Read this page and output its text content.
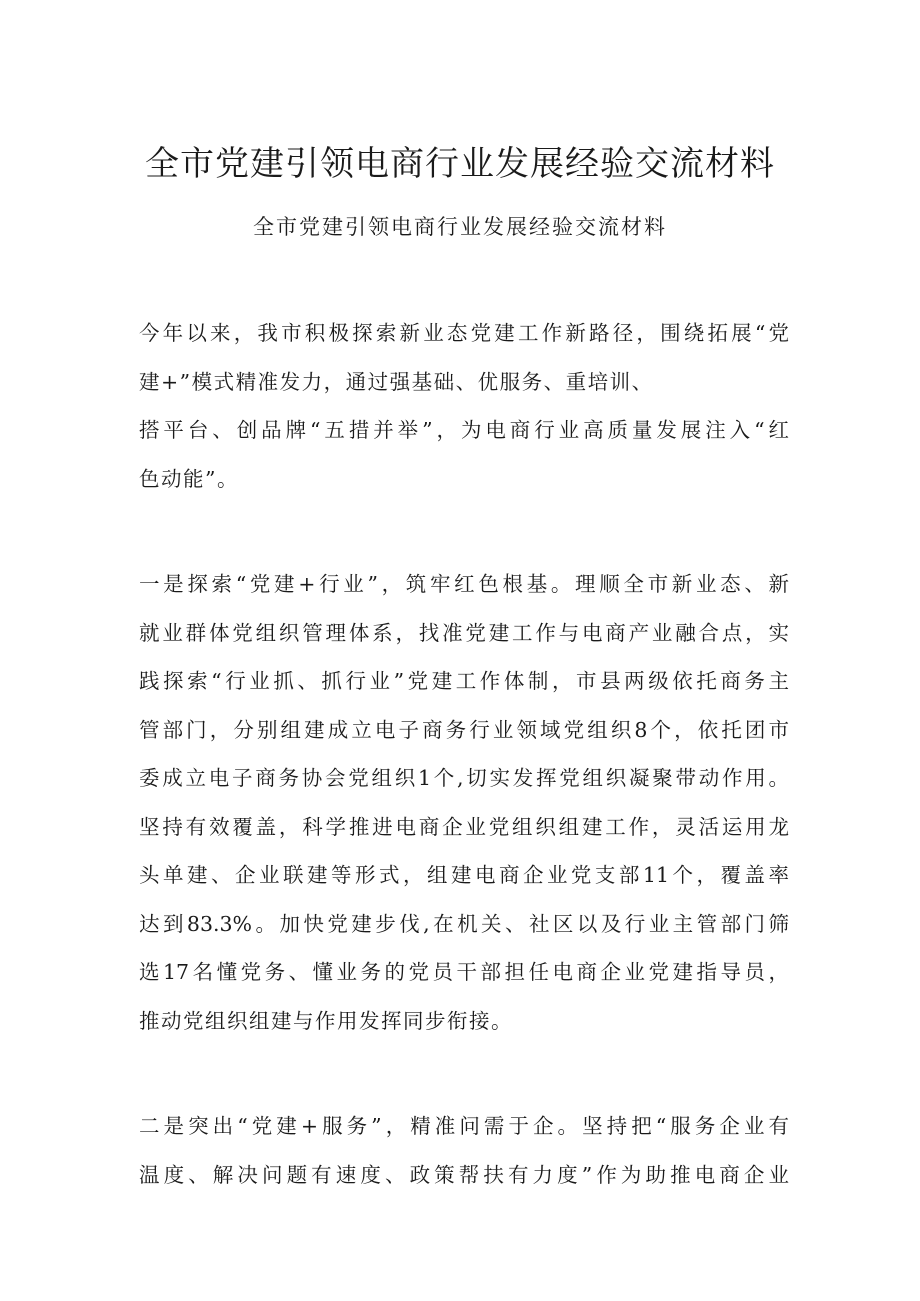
全市党建引领电商行业发展经验交流材料
全市党建引领电商行业发展经验交流材料
今年以来，我市积极探索新业态党建工作新路径，围绕拓展“党
建+”模式精准发力，通过强基础、优服务、重培训、
搭平台、创品牌“五措并举”，为电商行业高质量发展注入“红
色动能”。
一是探索“党建+行业”，筑牢红色根基。理顺全市新业态、新
就业群体党组织管理体系，找准党建工作与电商产业融合点，实
践探索“行业抓、抓行业”党建工作体制，市县两级依托商务主
管部门，分别组建成立电子商务行业领域党组织8个，依托团市
委成立电子商务协会党组织1个,切实发挥党组织凝聚带动作用。
坚持有效覆盖，科学推进电商企业党组织组建工作，灵活运用龙
头单建、企业联建等形式，组建电商企业党支部11个，覆盖率
达到83.3%。加快党建步伐,在机关、社区以及行业主管部门筛
选17名懂党务、懂业务的党员干部担任电商企业党建指导员，
推动党组织组建与作用发挥同步衔接。
二是突出“党建+服务”，精准问需于企。坚持把“服务企业有
温度、解决问题有速度、政策帮扶有力度”作为助推电商企业
